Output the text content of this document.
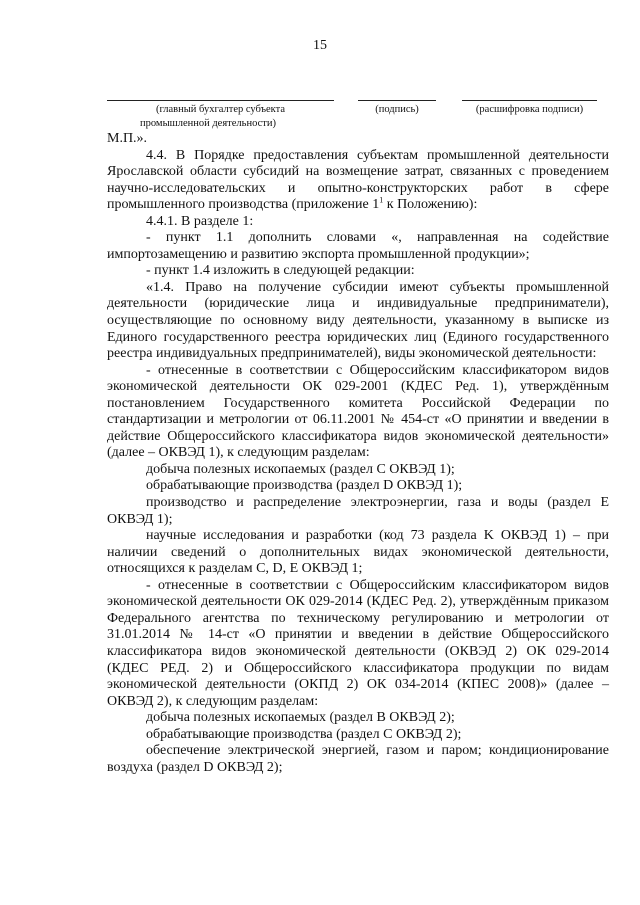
15
(главный бухгалтер субъекта
промышленной деятельности)
(подпись)	(расшифровка подписи)

М.П.».

4.4. В Порядке предоставления субъектам промышленной деятельности Ярославской области субсидий на возмещение затрат, связанных с проведением научно-исследовательских и опытно-конструкторских работ в сфере промышленного производства (приложение $1^1$ к Положению):

4.4.1. В разделе 1:

- пункт 1.1 дополнить словами «, направленная на содействие импортозамещению и развитию экспорта промышленной продукции»;

- пункт 1.4 изложить в следующей редакции:

«1.4. Право на получение субсидии имеют субъекты промышленной деятельности (юридические лица и индивидуальные предприниматели), осуществляющие по основному виду деятельности, указанному в выписке из Единого государственного реестра юридических лиц (Единого государственного реестра индивидуальных предпринимателей), виды экономической деятельности:

- отнесенные в соответствии с Общероссийским классификатором видов экономической деятельности ОК 029-2001 (КДЕС Ред. 1), утверждённым постановлением Государственного комитета Российской Федерации по стандартизации и метрологии от 06.11.2001 № 454-ст «О принятии и введении в действие Общероссийского классификатора видов экономической деятельности» (далее – ОКВЭД 1), к следующим разделам:

добыча полезных ископаемых (раздел C ОКВЭД 1);

обрабатывающие производства (раздел D ОКВЭД 1);

производство и распределение электроэнергии, газа и воды (раздел E ОКВЭД 1);

научные исследования и разработки (код 73 раздела K ОКВЭД 1) – при наличии сведений о дополнительных видах экономической деятельности, относящихся к разделам C, D, E ОКВЭД 1;

- отнесенные в соответствии с Общероссийским классификатором видов экономической деятельности ОК 029-2014 (КДЕС Ред. 2), утверждённым приказом Федерального агентства по техническому регулированию и метрологии от 31.01.2014 № 14-ст «О принятии и введении в действие Общероссийского классификатора видов экономической деятельности (ОКВЭД 2) ОК 029-2014 (КДЕС РЕД. 2) и Общероссийского классификатора продукции по видам экономической деятельности (ОКПД 2) ОК 034-2014 (КПЕС 2008)» (далее – ОКВЭД 2), к следующим разделам:

добыча полезных ископаемых (раздел B ОКВЭД 2);

обрабатывающие производства (раздел C ОКВЭД 2);

обеспечение электрической энергией, газом и паром; кондиционирование воздуха (раздел D ОКВЭД 2);
